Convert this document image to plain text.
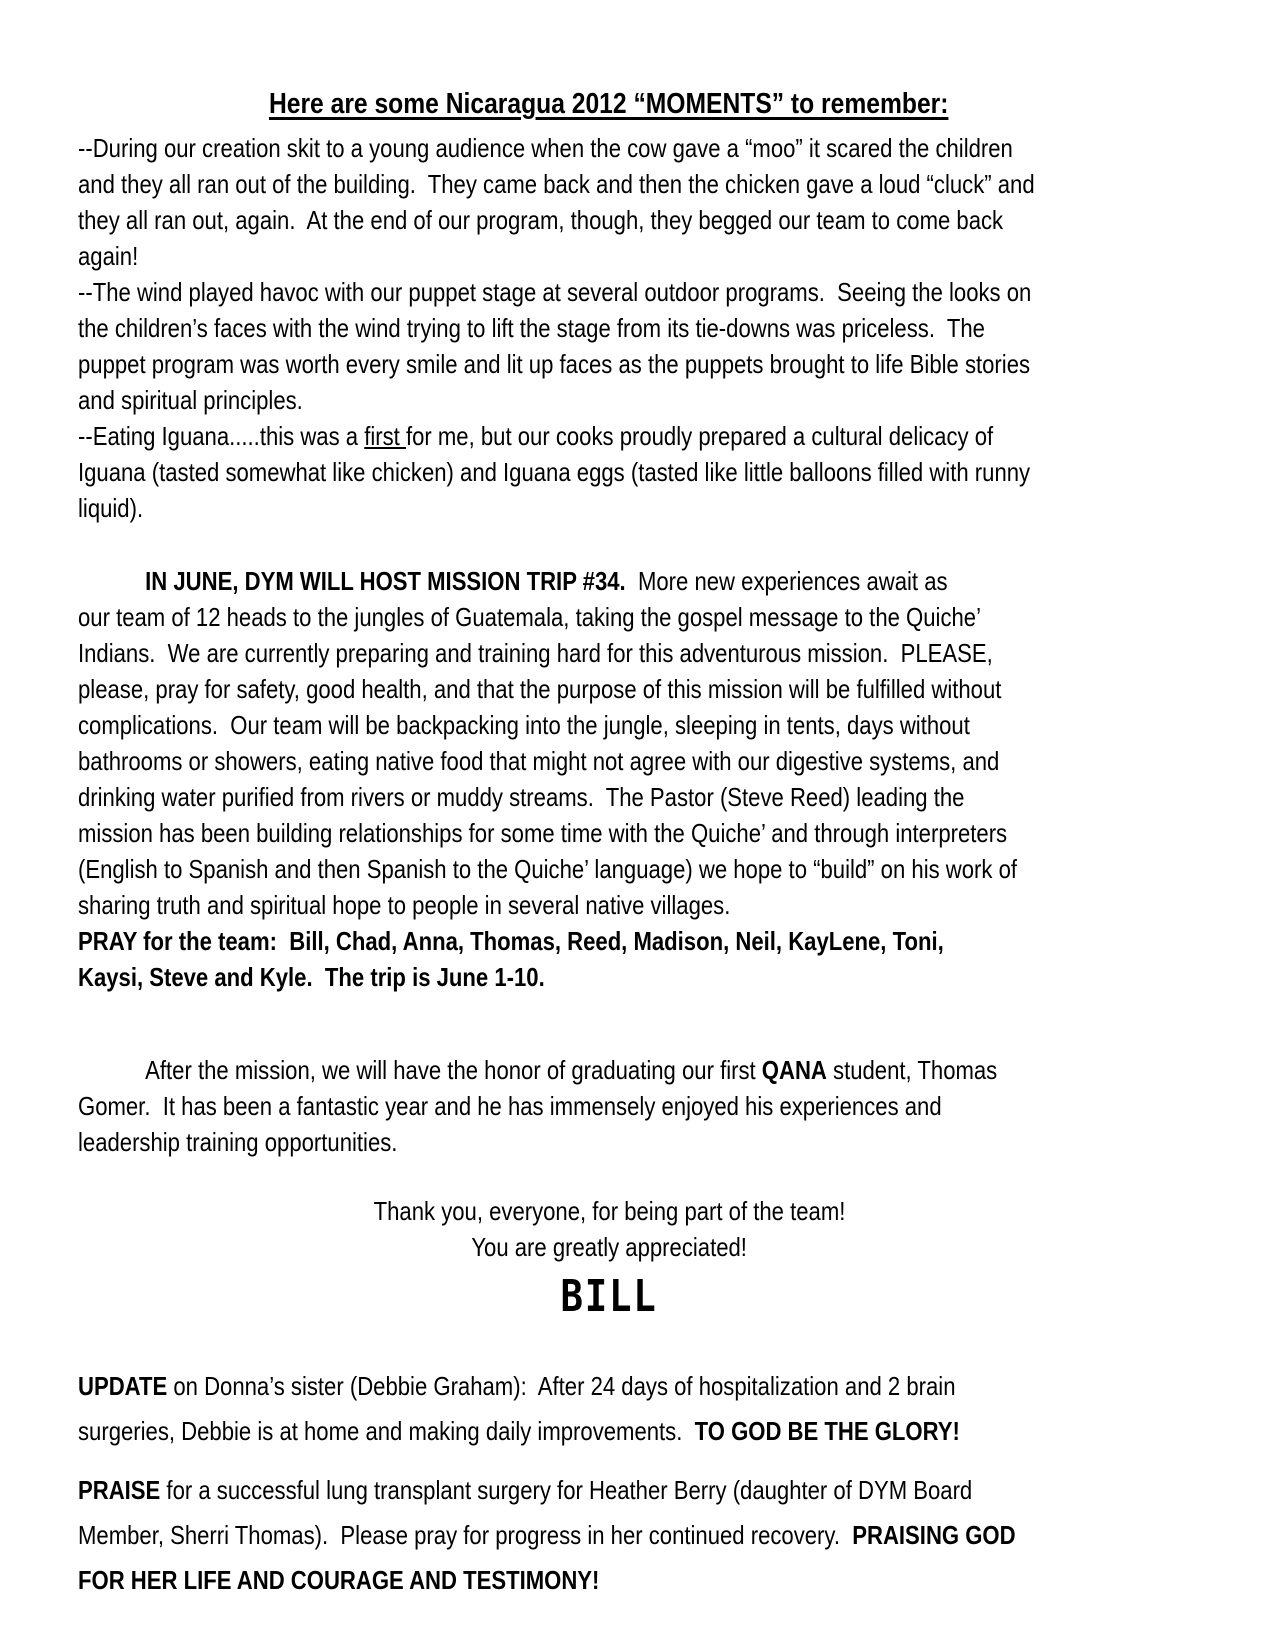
Here are some Nicaragua 2012 “MOMENTS” to remember:
--During our creation skit to a young audience when the cow gave a “moo” it scared the children
and they all ran out of the building.  They came back and then the chicken gave a loud “cluck” and
they all ran out, again.  At the end of our program, though, they begged our team to come back
again!
--The wind played havoc with our puppet stage at several outdoor programs.  Seeing the looks on
the children’s faces with the wind trying to lift the stage from its tie-downs was priceless.  The
puppet program was worth every smile and lit up faces as the puppets brought to life Bible stories
and spiritual principles.
--Eating Iguana.....this was a first for me, but our cooks proudly prepared a cultural delicacy of
Iguana (tasted somewhat like chicken) and Iguana eggs (tasted like little balloons filled with runny
liquid).
IN JUNE, DYM WILL HOST MISSION TRIP #34.  More new experiences await as
our team of 12 heads to the jungles of Guatemala, taking the gospel message to the Quiche’
Indians.  We are currently preparing and training hard for this adventurous mission.  PLEASE,
please, pray for safety, good health, and that the purpose of this mission will be fulfilled without
complications.  Our team will be backpacking into the jungle, sleeping in tents, days without
bathrooms or showers, eating native food that might not agree with our digestive systems, and
drinking water purified from rivers or muddy streams.  The Pastor (Steve Reed) leading the
mission has been building relationships for some time with the Quiche’ and through interpreters
(English to Spanish and then Spanish to the Quiche’ language) we hope to “build” on his work of
sharing truth and spiritual hope to people in several native villages.
PRAY for the team:  Bill, Chad, Anna, Thomas, Reed, Madison, Neil, KayLene, Toni,
Kaysi, Steve and Kyle.  The trip is June 1-10.
After the mission, we will have the honor of graduating our first QANA student, Thomas
Gomer.  It has been a fantastic year and he has immensely enjoyed his experiences and
leadership training opportunities.
Thank you, everyone, for being part of the team!
You are greatly appreciated!
BILL
UPDATE on Donna’s sister (Debbie Graham):  After 24 days of hospitalization and 2 brain
surgeries, Debbie is at home and making daily improvements.  TO GOD BE THE GLORY!
PRAISE for a successful lung transplant surgery for Heather Berry (daughter of DYM Board
Member, Sherri Thomas).  Please pray for progress in her continued recovery.  PRAISING GOD
FOR HER LIFE AND COURAGE AND TESTIMONY!
